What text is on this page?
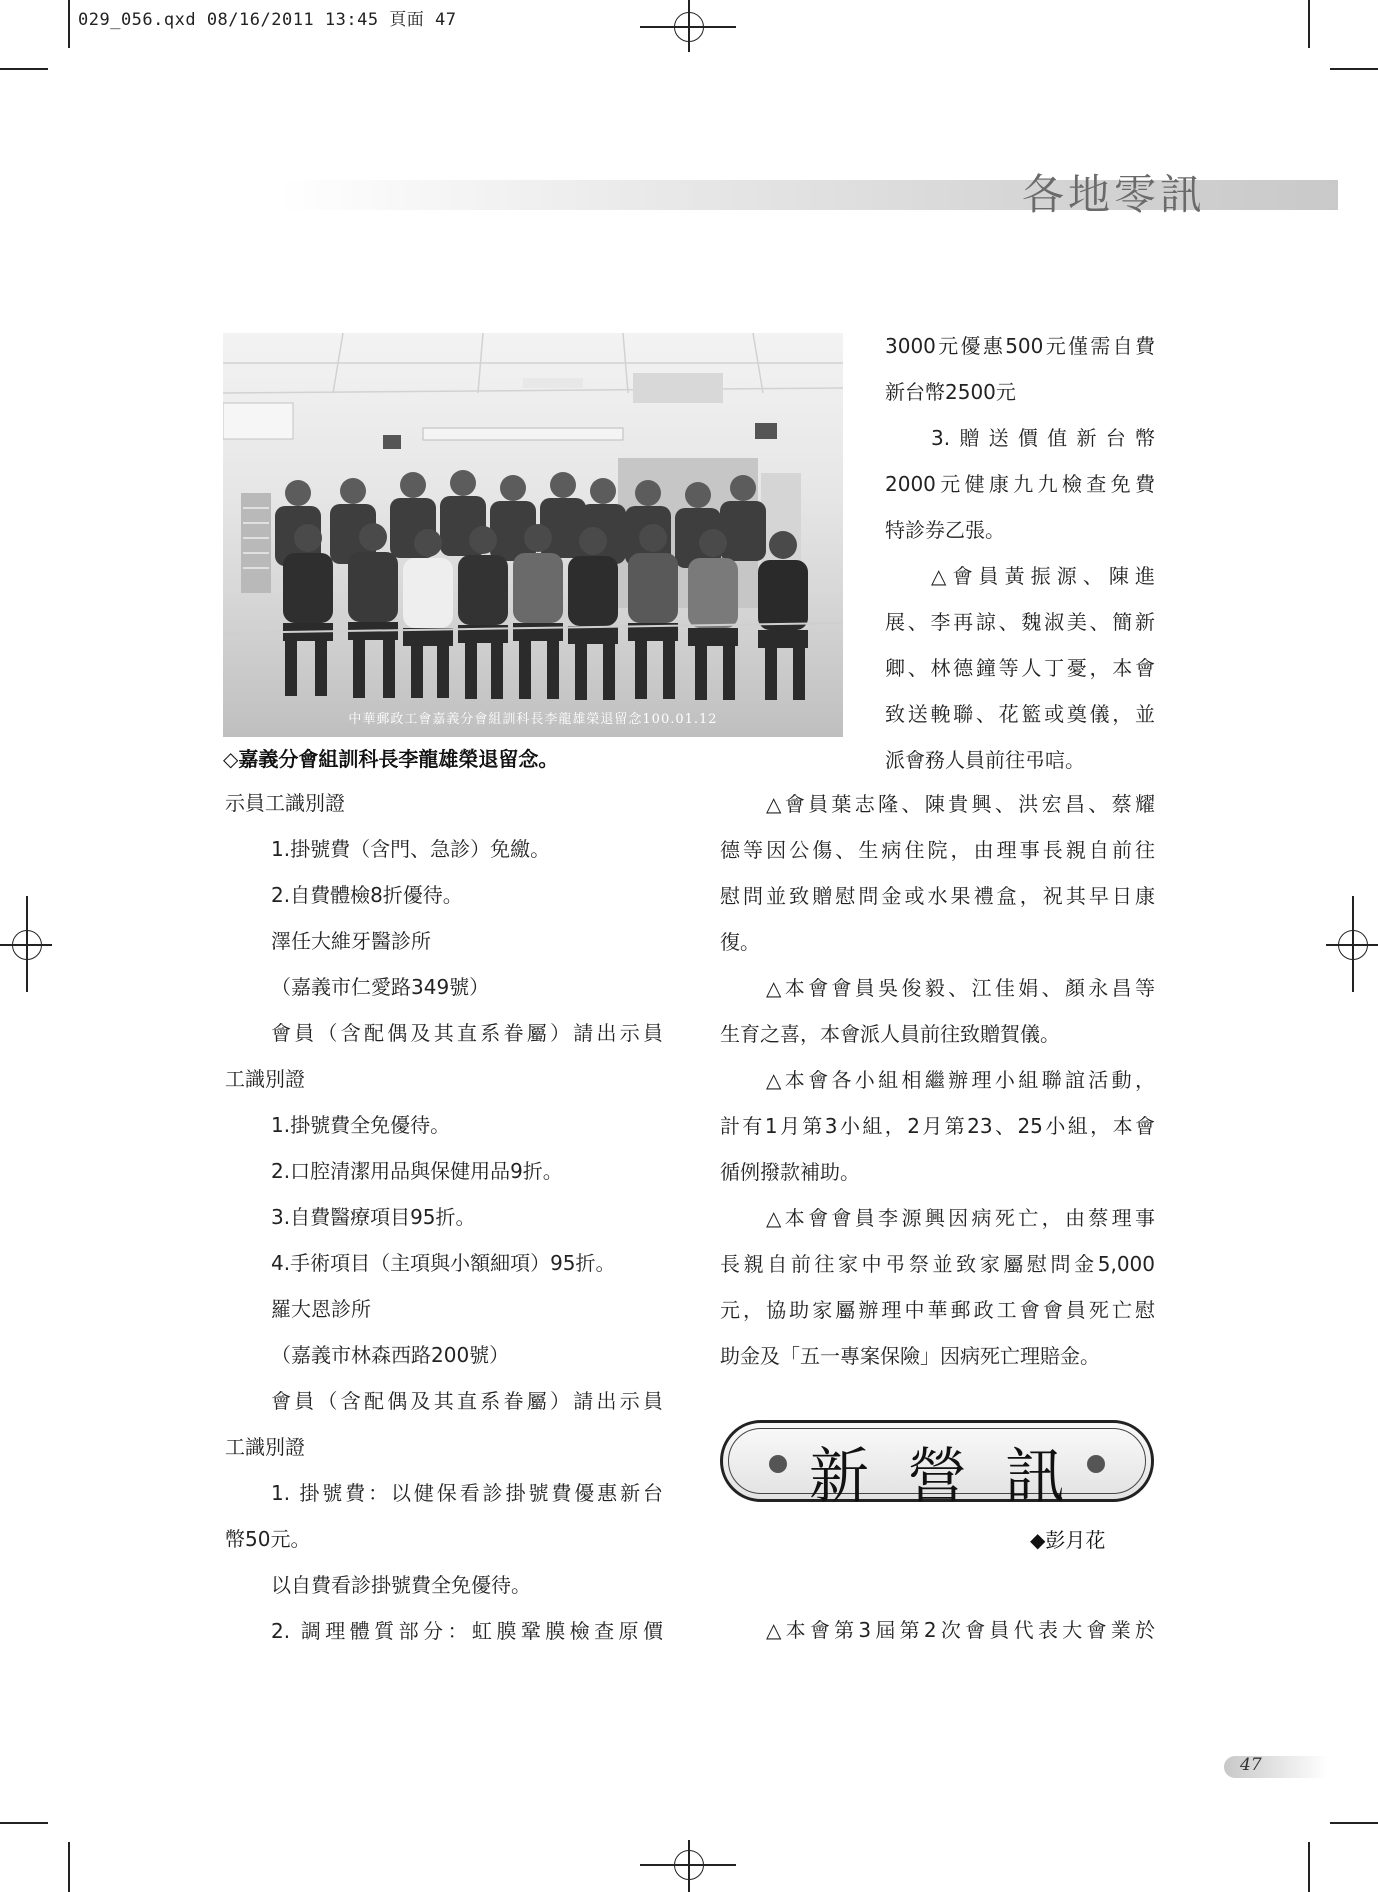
029_056.qxd 08/16/2011 13:45 頁面 47
各地零訊
中華郵政工會嘉義分會組訓科長李龍雄榮退留念100.01.12
◇嘉義分會組訓科長李龍雄榮退留念。

示員工識別證

1.掛號費（含門、急診）免繳。

2.自費體檢8折優待。

澤任大維牙醫診所

（嘉義市仁愛路349號）

會員（含配偶及其直系眷屬）請出示員

工識別證

1.掛號費全免優待。

2.口腔清潔用品與保健用品9折。

3.自費醫療項目95折。

4.手術項目（主項與小額細項）95折。

羅大恩診所

（嘉義市林森西路200號）

會員（含配偶及其直系眷屬）請出示員

工識別證

1. 掛號費：以健保看診掛號費優惠新台

幣50元。

以自費看診掛號費全免優待。

2. 調理體質部分：虹膜鞏膜檢查原價

3000元優惠500元僅需自費

新台幣2500元

3.贈送價值新台幣

2000元健康九九檢查免費

特診券乙張。

△會員黃振源、陳進

展、李再諒、魏淑美、簡新

卿、林德鐘等人丁憂，本會

致送輓聯、花籃或奠儀，並

派會務人員前往弔唁。

△會員葉志隆、陳貴興、洪宏昌、蔡耀

德等因公傷、生病住院，由理事長親自前往

慰問並致贈慰問金或水果禮盒，祝其早日康

復。

△本會會員吳俊毅、江佳娟、顏永昌等

生育之喜，本會派人員前往致贈賀儀。

△本會各小組相繼辦理小組聯誼活動，

計有1月第3小組，2月第23、25小組，本會

循例撥款補助。

△本會會員李源興因病死亡，由蔡理事

長親自前往家中弔祭並致家屬慰問金5,000

元，協助家屬辦理中華郵政工會會員死亡慰

助金及「五一專案保險」因病死亡理賠金。

新營訊
◆彭月花

△本會第3屆第2次會員代表大會業於

47
